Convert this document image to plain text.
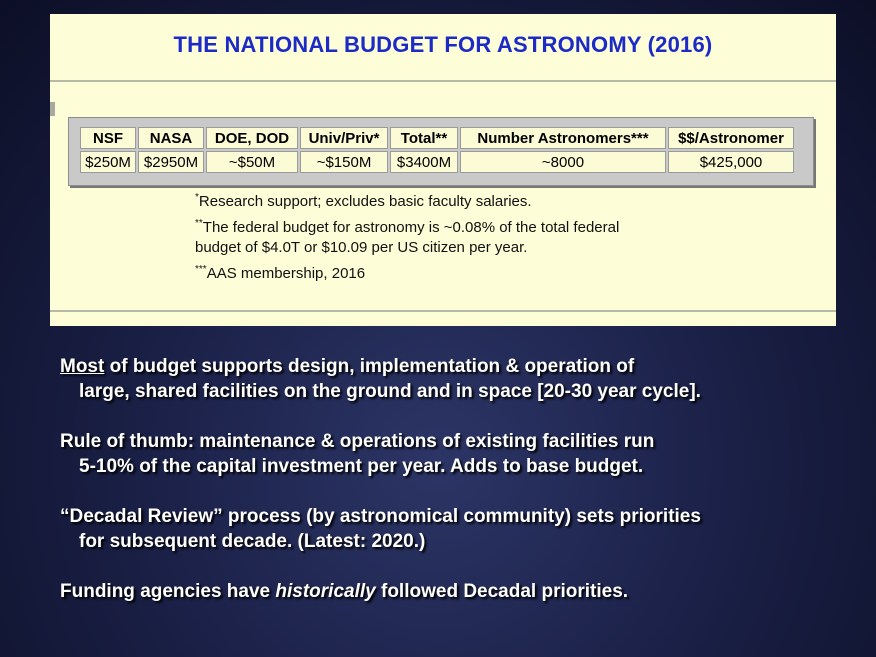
THE NATIONAL BUDGET FOR ASTRONOMY (2016)
NSF	NASA	DOE, DOD	Univ/Priv*	Total**	Number Astronomers***	$$/Astronomer
$250M	$2950M	~$50M	~$150M	$3400M	~8000	$425,000
*Research support; excludes basic faculty salaries.
**The federal budget for astronomy is ~0.08% of the total federal
budget of $4.0T or $10.09 per US citizen per year.
***AAS membership, 2016
Most of budget supports design, implementation & operation of
large, shared facilities on the ground and in space [20-30 year cycle].
Rule of thumb: maintenance & operations of existing facilities run
5-10% of the capital investment per year. Adds to base budget.
“Decadal Review” process (by astronomical community) sets priorities
for subsequent decade. (Latest: 2020.)
Funding agencies have historically followed Decadal priorities.
